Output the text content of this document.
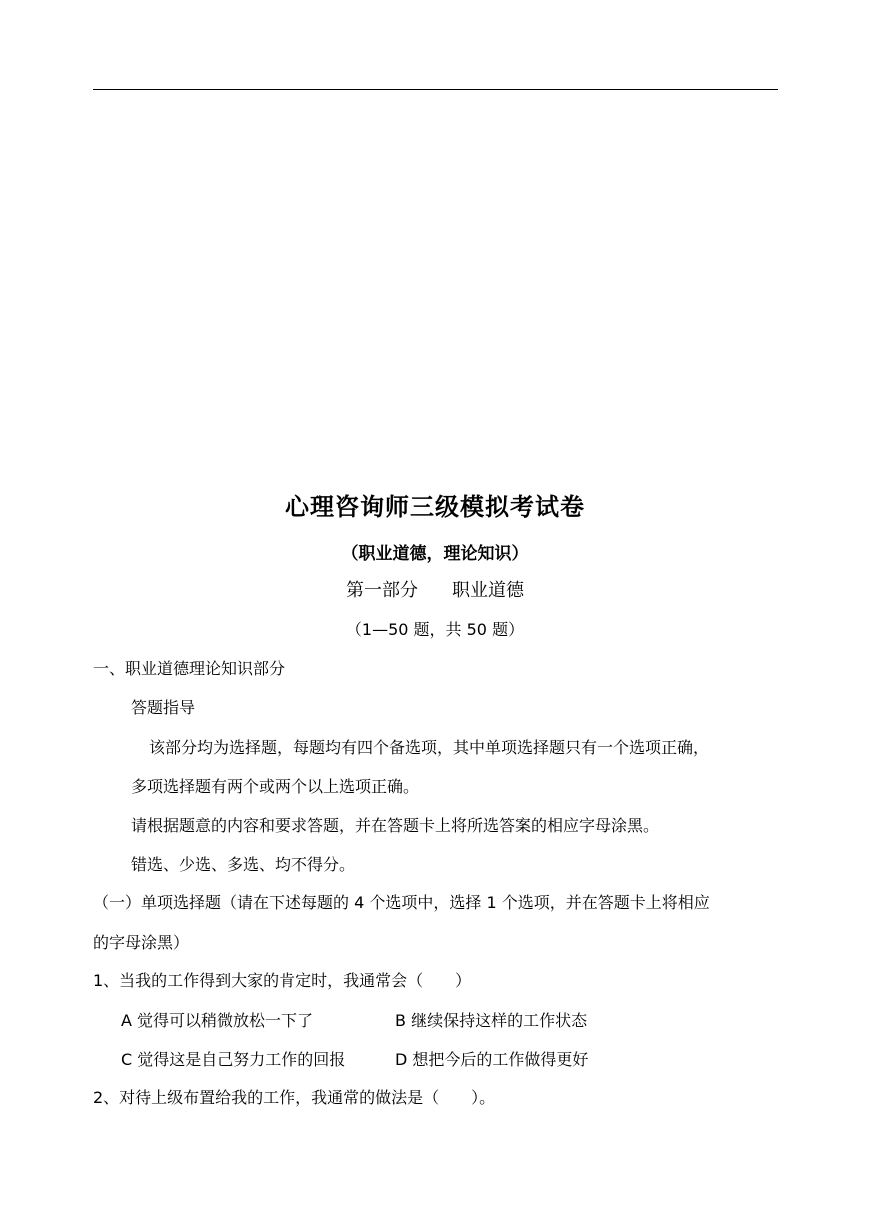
心理咨询师三级模拟考试卷
（职业道德，理论知识）
第一部分 职业道德
（1—50 题，共 50 题）
一、职业道德理论知识部分
答题指导
该部分均为选择题，每题均有四个备选项，其中单项选择题只有一个选项正确，
多项选择题有两个或两个以上选项正确。
请根据题意的内容和要求答题，并在答题卡上将所选答案的相应字母涂黑。
错选、少选、多选、均不得分。
（一）单项选择题（请在下述每题的 4 个选项中，选择 1 个选项，并在答题卡上将相应
的字母涂黑）
1、当我的工作得到大家的肯定时，我通常会（　　）
A 觉得可以稍微放松一下了	B 继续保持这样的工作状态
C 觉得这是自己努力工作的回报	D 想把今后的工作做得更好
2、对待上级布置给我的工作，我通常的做法是（　　）。
